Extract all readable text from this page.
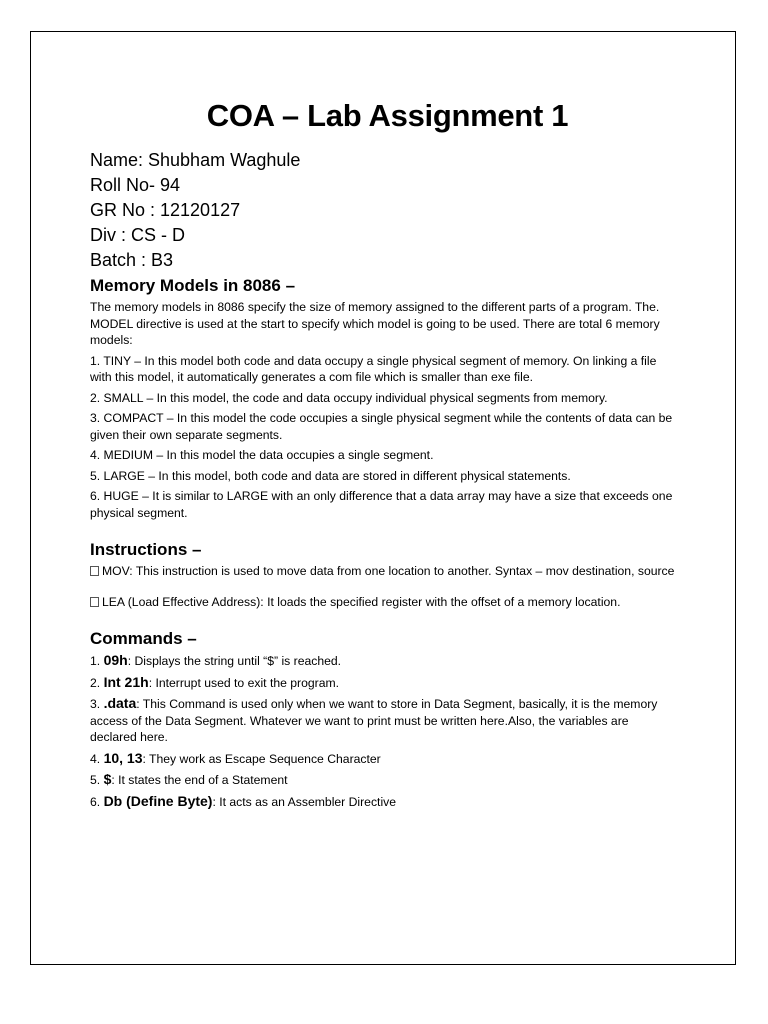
COA – Lab Assignment 1

Name: Shubham Waghule

Roll No- 94

GR No : 12120127

Div : CS - D

Batch : B3

Memory Models in 8086 –

The memory models in 8086 specify the size of memory assigned to the different parts of a program. The. MODEL directive is used at the start to specify which model is going to be used. There are total 6 memory models:

1. TINY – In this model both code and data occupy a single physical segment of memory. On linking a file with this model, it automatically generates a com file which is smaller than exe file.

2. SMALL – In this model, the code and data occupy individual physical segments from memory.

3. COMPACT – In this model the code occupies a single physical segment while the contents of data can be given their own separate segments.

4. MEDIUM – In this model the data occupies a single segment.

5. LARGE – In this model, both code and data are stored in different physical statements.

6. HUGE – It is similar to LARGE with an only difference that a data array may have a size that exceeds one physical segment.

Instructions –

MOV: This instruction is used to move data from one location to another. Syntax – mov destination, source

LEA (Load Effective Address): It loads the specified register with the offset of a memory location.

Commands –

1. 09h: Displays the string until “$” is reached.

2. Int 21h: Interrupt used to exit the program.

3. .data: This Command is used only when we want to store in Data Segment, basically, it is the memory access of the Data Segment. Whatever we want to print must be written here.Also, the variables are declared here.

4. 10, 13: They work as Escape Sequence Character

5. $: It states the end of a Statement

6. Db (Define Byte): It acts as an Assembler Directive
